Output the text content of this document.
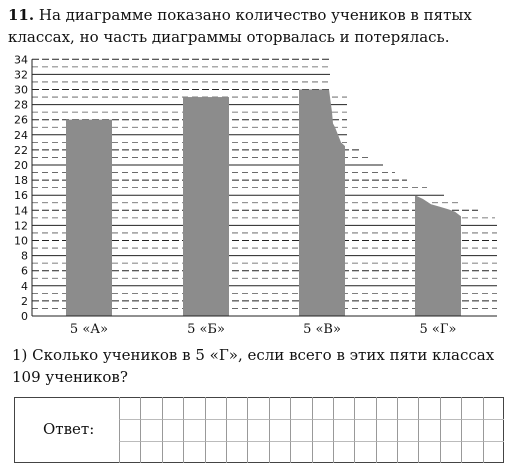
11. На диаграмме показано количество учеников в пятых классах, но часть диаграммы оторвалась и потерялась.

0
2
4
6
8
10
12
14
16
18
20
22
24
26
28
30
32
34
5 «А»	5 «Б»	5 «В»	5 «Г»

1) Сколько учеников в 5 «Г», если всего в этих пяти классах 109 учеников?

Ответ:
